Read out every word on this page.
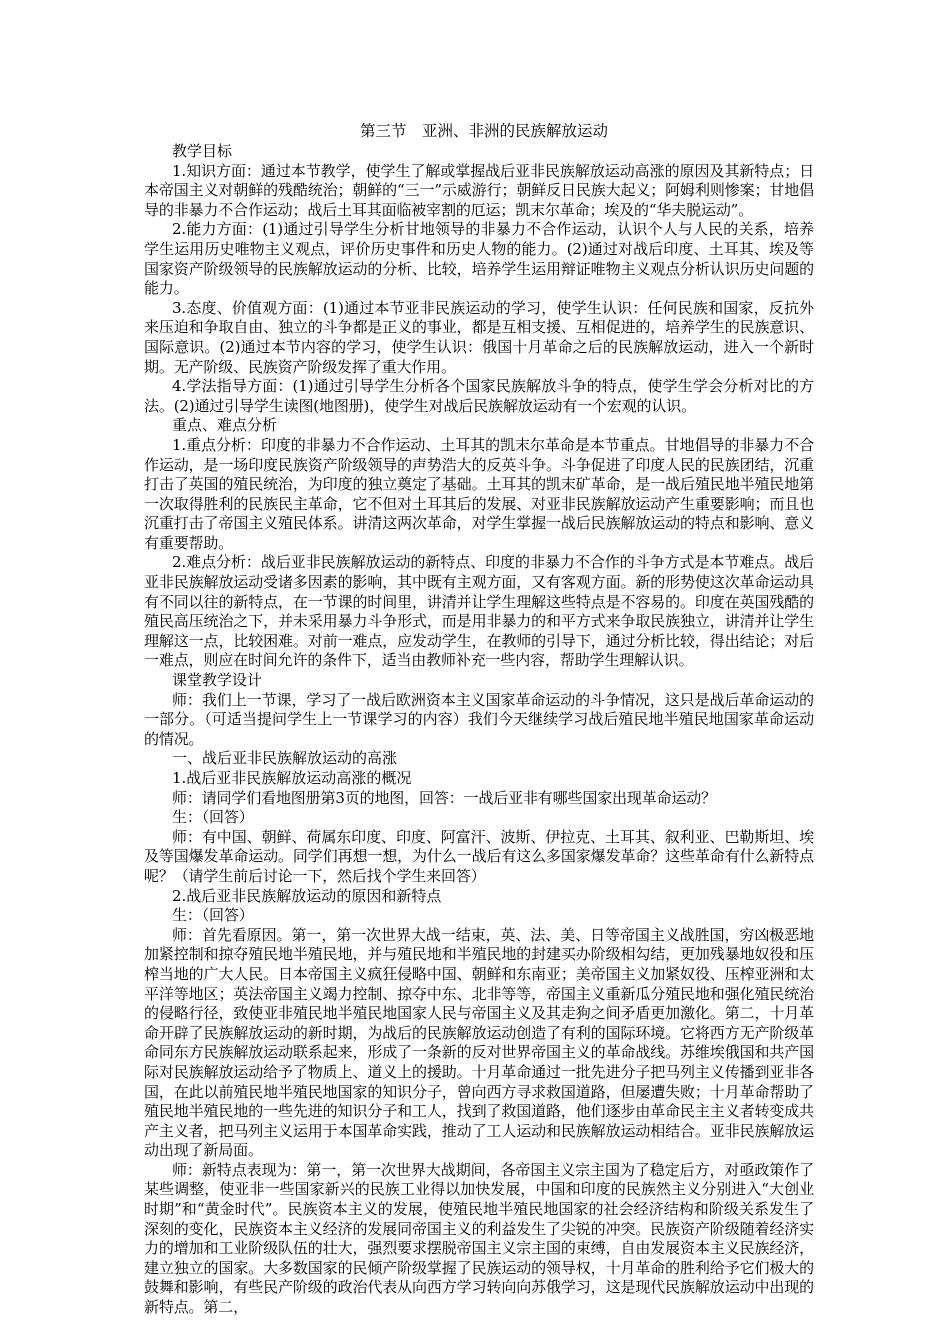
第三节　亚洲、非洲的民族解放运动

教学目标

1.知识方面：通过本节教学，使学生了解或掌握战后亚非民族解放运动高涨的原因及其新特点；日本帝国主义对朝鲜的残酷统治；朝鲜的“三一”示威游行；朝鲜反日民族大起义；阿姆利则惨案；甘地倡导的非暴力不合作运动；战后土耳其面临被宰割的厄运；凯末尔革命；埃及的“华夫脱运动”。

2.能力方面：(1)通过引导学生分析甘地领导的非暴力不合作运动，认识个人与人民的关系，培养学生运用历史唯物主义观点，评价历史事件和历史人物的能力。(2)通过对战后印度、土耳其、埃及等国家资产阶级领导的民族解放运动的分析、比较，培养学生运用辩证唯物主义观点分析认识历史问题的能力。

3.态度、价值观方面：(1)通过本节亚非民族运动的学习，使学生认识：任何民族和国家，反抗外来压迫和争取自由、独立的斗争都是正义的事业，都是互相支援、互相促进的，培养学生的民族意识、国际意识。(2)通过本节内容的学习，使学生认识：俄国十月革命之后的民族解放运动，进入一个新时期。无产阶级、民族资产阶级发挥了重大作用。

4.学法指导方面：(1)通过引导学生分析各个国家民族解放斗争的特点，使学生学会分析对比的方法。(2)通过引导学生读图(地图册)，使学生对战后民族解放运动有一个宏观的认识。

重点、难点分析

1.重点分析：印度的非暴力不合作运动、土耳其的凯末尔革命是本节重点。甘地倡导的非暴力不合作运动，是一场印度民族资产阶级领导的声势浩大的反英斗争。斗争促进了印度人民的民族团结，沉重打击了英国的殖民统治，为印度的独立奠定了基础。土耳其的凯末矿革命，是一战后殖民地半殖民地第一次取得胜利的民族民主革命，它不但对土耳其后的发展、对亚非民族解放运动产生重要影响；而且也沉重打击了帝国主义殖民体系。讲清这两次革命，对学生掌握一战后民族解放运动的特点和影响、意义有重要帮助。

2.难点分析：战后亚非民族解放运动的新特点、印度的非暴力不合作的斗争方式是本节难点。战后亚非民族解放运动受诸多因素的影响，其中既有主观方面，又有客观方面。新的形势使这次革命运动具有不同以往的新特点，在一节课的时间里，讲清并让学生理解这些特点是不容易的。印度在英国残酷的殖民高压统治之下，并未采用暴力斗争形式，而是用非暴力的和平方式来争取民族独立，讲清并让学生理解这一点，比较困难。对前一难点，应发动学生，在教师的引导下，通过分析比较，得出结论；对后一难点，则应在时间允许的条件下，适当由教师补充一些内容，帮助学生理解认识。

课堂教学设计

师：我们上一节课，学习了一战后欧洲资本主义国家革命运动的斗争情况，这只是战后革命运动的一部分。（可适当提问学生上一节课学习的内容）我们今天继续学习战后殖民地半殖民地国家革命运动的情况。

一、战后亚非民族解放运动的高涨

1.战后亚非民族解放运动高涨的概况

师：请同学们看地图册第3页的地图，回答：一战后亚非有哪些国家出现革命运动？

生：（回答）

师：有中国、朝鲜、荷属东印度、印度、阿富汗、波斯、伊拉克、土耳其、叙利亚、巴勒斯坦、埃及等国爆发革命运动。同学们再想一想，为什么一战后有这么多国家爆发革命？这些革命有什么新特点呢？（请学生前后讨论一下，然后找个学生来回答）

2.战后亚非民族解放运动的原因和新特点

生：（回答）

师：首先看原因。第一，第一次世界大战一结束，英、法、美、日等帝国主义战胜国，穷凶极恶地加紧控制和掠夺殖民地半殖民地，并与殖民地和半殖民地的封建买办阶级相勾结，更加残暴地奴役和压榨当地的广大人民。日本帝国主义疯狂侵略中国、朝鲜和东南亚；美帝国主义加紧奴役、压榨亚洲和太平洋等地区；英法帝国主义竭力控制、掠夺中东、北非等等，帝国主义重新瓜分殖民地和强化殖民统治的侵略行径，致使亚非殖民地半殖民地国家人民与帝国主义及其走狗之间矛盾更加激化。第二，十月革命开辟了民族解放运动的新时期，为战后的民族解放运动创造了有利的国际环境。它将西方无产阶级革命同东方民族解放运动联系起来，形成了一条新的反对世界帝国主义的革命战线。苏维埃俄国和共产国际对民族解放运动给予了物质上、道义上的援助。十月革命通过一批先进分子把马列主义传播到亚非各国，在此以前殖民地半殖民地国家的知识分子，曾向西方寻求救国道路，但屡遭失败；十月革命帮助了殖民地半殖民地的一些先进的知识分子和工人，找到了救国道路，他们逐步由革命民主主义者转变成共产主义者，把马列主义运用于本国革命实践，推动了工人运动和民族解放运动相结合。亚非民族解放运动出现了新局面。

师：新特点表现为：第一，第一次世界大战期间，各帝国主义宗主国为了稳定后方，对亟政策作了某些调整，使亚非一些国家新兴的民族工业得以加快发展，中国和印度的民族然主义分别进入“大创业时期”和“黄金时代”。民族资本主义的发展，使殖民地半殖民地国家的社会经济结构和阶级关系发生了深刻的变化，民族资本主义经济的发展同帝国主义的利益发生了尖锐的冲突。民族资产阶级随着经济实力的增加和工业阶级队伍的壮大，强烈要求摆脱帝国主义宗主国的束缚，自由发展资本主义民族经济，建立独立的国家。大多数国家的民倾产阶级掌握了民族运动的领导权，十月革命的胜利给予它们极大的鼓舞和影响，有些民产阶级的政治代表从向西方学习转向向苏俄学习，这是现代民族解放运动中出现的新特点。第二，
